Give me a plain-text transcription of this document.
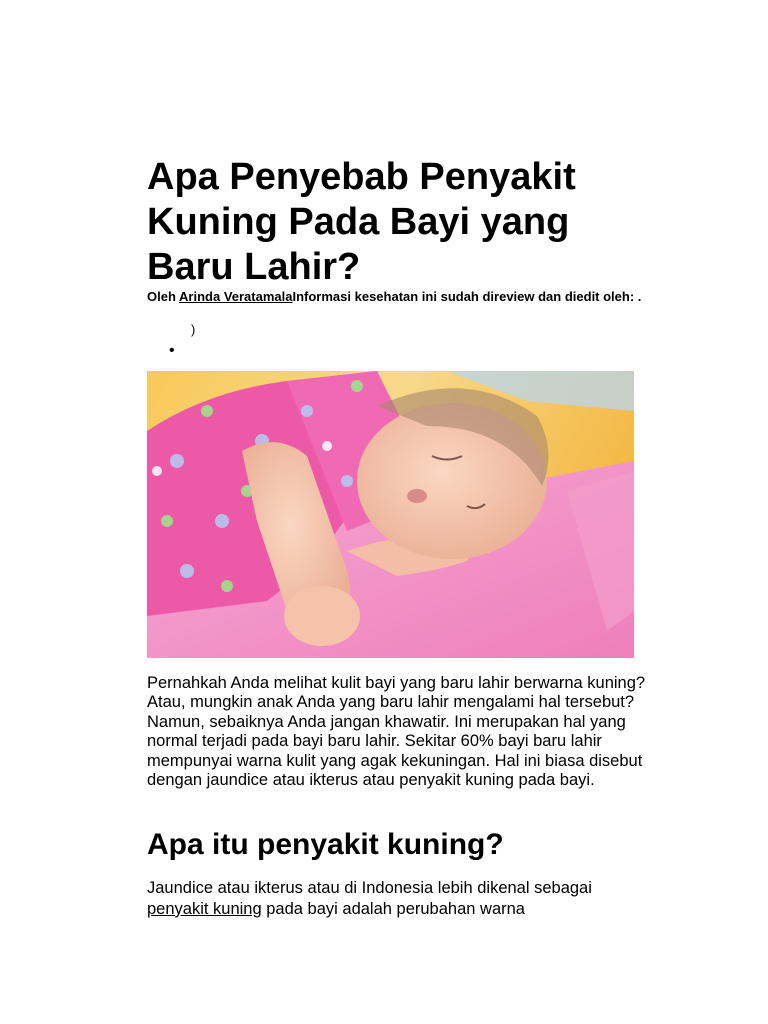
Apa Penyebab Penyakit Kuning Pada Bayi yang Baru Lahir?

Oleh Arinda VeratamalaInformasi kesehatan ini sudah direview dan diedit oleh: .

)
•

Pernahkah Anda melihat kulit bayi yang baru lahir berwarna kuning? Atau, mungkin anak Anda yang baru lahir mengalami hal tersebut? Namun, sebaiknya Anda jangan khawatir. Ini merupakan hal yang normal terjadi pada bayi baru lahir. Sekitar 60% bayi baru lahir mempunyai warna kulit yang agak kekuningan. Hal ini biasa disebut dengan jaundice atau ikterus atau penyakit kuning pada bayi.

Apa itu penyakit kuning?

Jaundice atau ikterus atau di Indonesia lebih dikenal sebagai penyakit kuning pada bayi adalah perubahan warna
